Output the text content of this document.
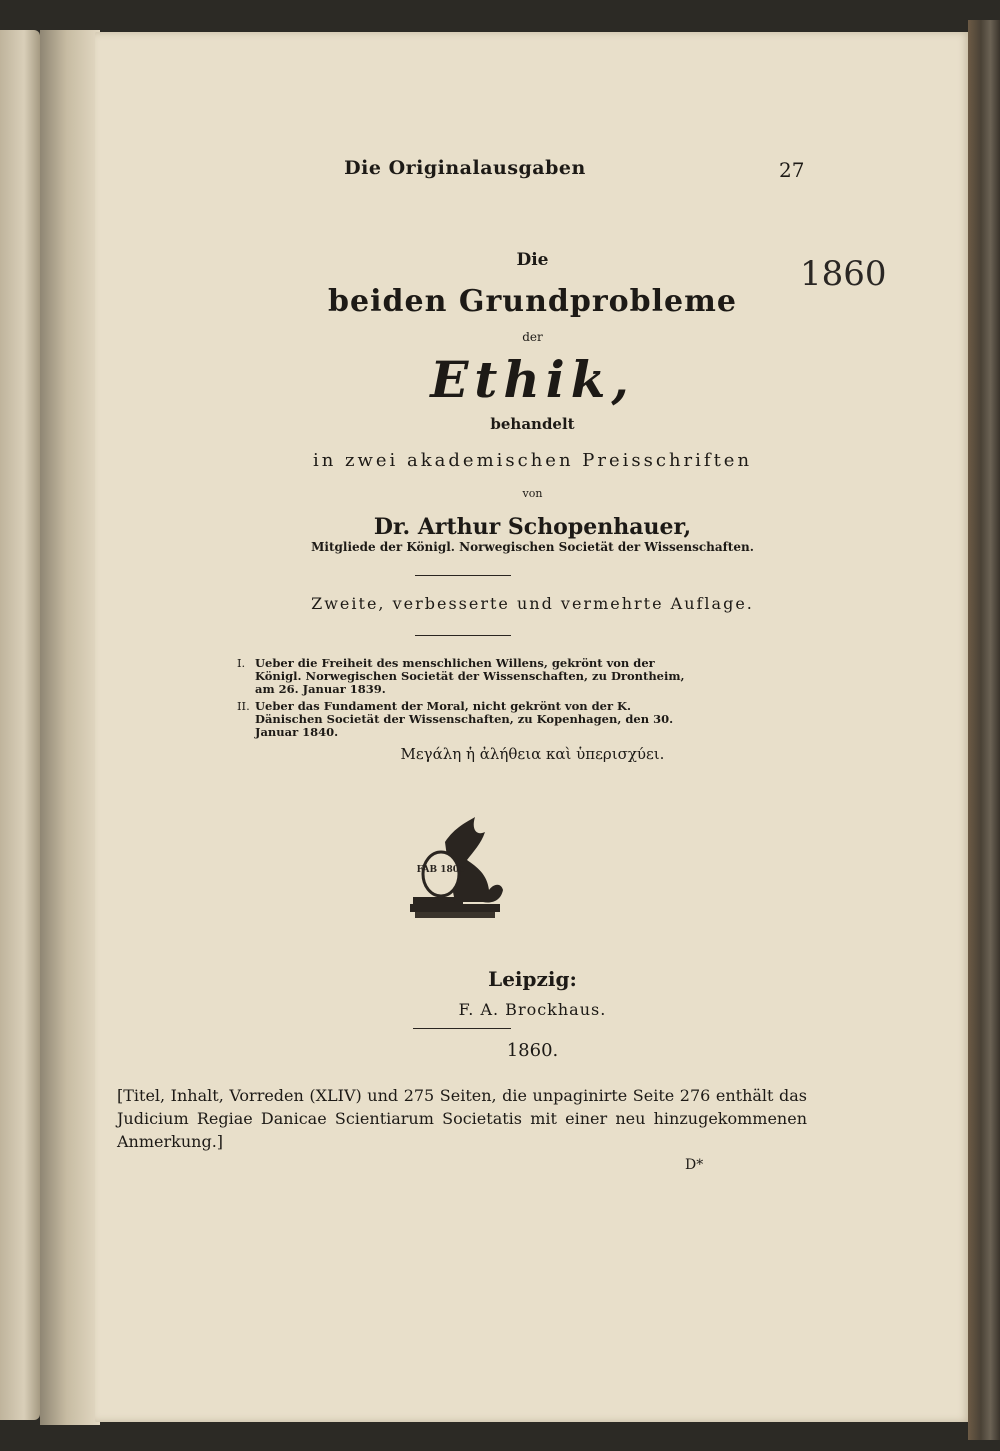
Die Originalausgaben	27
1860
Die
beiden Grundprobleme
der
Ethik,
behandelt
in zwei akademischen Preisschriften
von
Dr. Arthur Schopenhauer,
Mitgliede der Königl. Norwegischen Societät der Wissenschaften.
Zweite, verbesserte und vermehrte Auflage.
I. Ueber die Freiheit des menschlichen Willens, gekrönt von der Königl. Norwegischen Societät der Wissenschaften, zu Drontheim, am 26. Januar 1839.
II. Ueber das Fundament der Moral, nicht gekrönt von der K. Dänischen Societät der Wissenschaften, zu Kopenhagen, den 30. Januar 1840.
Μεγάλη ἡ ἀλήθεια καὶ ὑπερισχύει.
FAB 1805
Leipzig:
F. A. Brockhaus.
1860.
[Titel, Inhalt, Vorreden (XLIV) und 275 Seiten, die unpaginirte Seite 276 enthält das Judicium Regiae Danicae Scientiarum Societatis mit einer neu hinzugekommenen Anmerkung.]
D*
